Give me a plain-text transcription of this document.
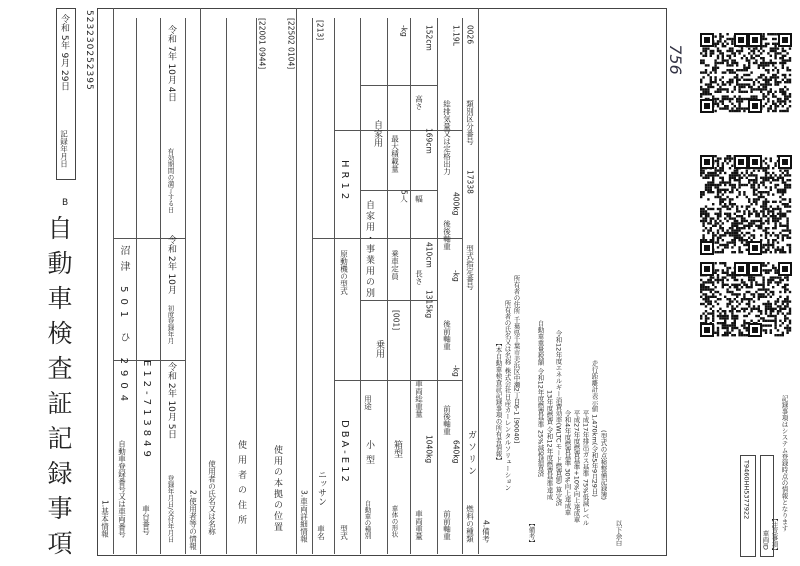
自動車検査証記録事項
B
記録年月日
令和 5年 9月 29日 523230252395	756
1.基本情報 自動車登録番号又は車両番号
沼津 501 ひ 2904
車台番号
E12-713849
登録年月日/交付年月日
令和 2年 10月 5日
初度登録年月
令和 2年 10月
有効期間の満了する日
令和 7年 10月 4日
2.使用者等の情報 使用者の氏名又は名称 使用者の住所
[22001 0944]
使用の本拠の位置
[22502 0104]
3.車両詳細情報 車名
ニッサン
[213]
型式
DBA-E12
原動機の型式
HR12
自動車の種別
小型
用途
乗用
自家用・事業用の別
自家用
車体の形状
箱型
[001]
乗車定員
5人
最大積載量
-kg
車両重量
1040kg
車両総重量
1315kg
長さ
410cm
幅
169cm
高さ
152cm
前前軸重
640kg
前後軸重
-kg
後前軸重
-kg
後後軸重
400kg
総排気量又は定格出力
1.19L
燃料の種類
ガソリン
型式指定番号
17338
類別区分番号
0026
4.備考
【本自動車検査証記録事項の所有者情報】 所有者の氏名又は名称 株式会社日産カーレンタルソリューション 所有者の住所 千葉県千葉市美浜区中瀬2丁目6-1 [90040]
【備考】
自動車重量税額 令和12年度燃費基準 25%減税措置済 13年度燃費 令和12年度燃費基準達成 令和12年度エネルギー消費効率(WLTCモード燃費値) 算定済 令和4年度燃費基準 30%向上達成車 平成27年度燃費基準+10%向上達成車 平成17年排出ガス基準 75%低減レベル 走行距離計表示値 1,470km(令和5年9月29日) (型式の点検整備記録簿)
以下余白
T9460HH5377922
【注意事項】
記録事項はシステム登録時点の情報となります
車両ID
